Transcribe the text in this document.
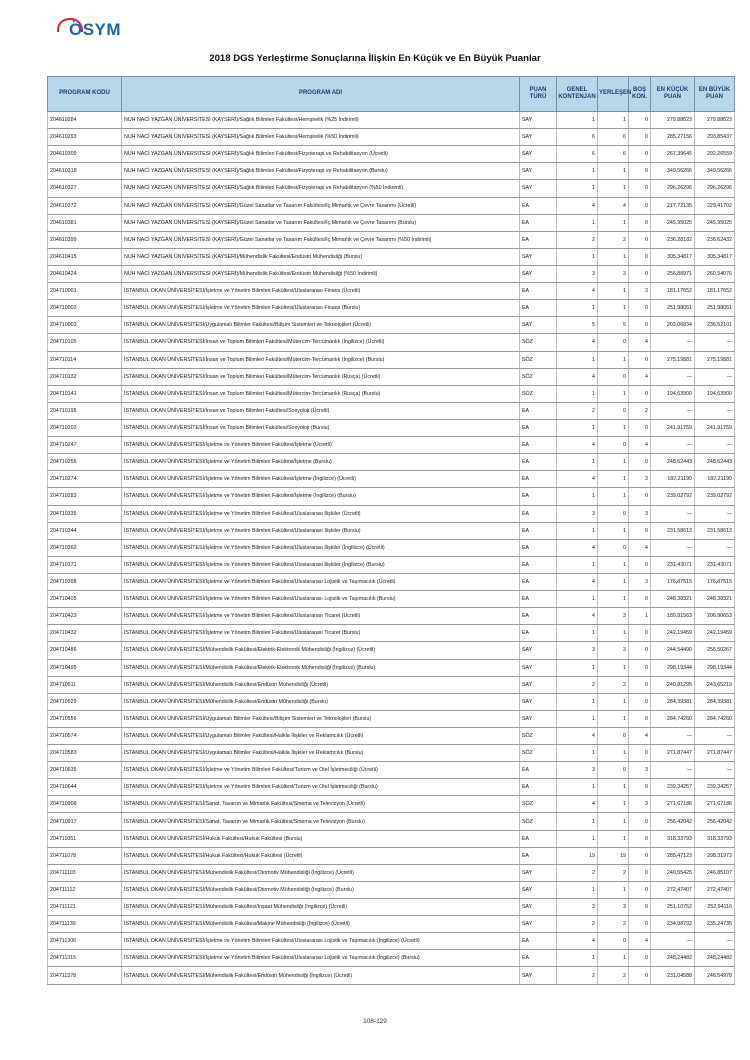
ÖSYM
2018 DGS Yerleştirme Sonuçlarına İlişkin En Küçük ve En Büyük Puanlar
PROGRAM KODU	PROGRAM ADI	PUAN TÜRÜ	GENEL KONTENJAN	YERLEŞEN	BOŞ KON.	EN KÜÇÜK PUAN	EN BÜYÜK PUAN
204610284	NUH NACİ YAZGAN ÜNİVERSİTESİ (KAYSERİ)/Sağlık Bilimleri Fakültesi/Hemşirelik (%25 İndirimli)	SAY	1	1	0	279,88623	279,88623
204610293	NUH NACİ YAZGAN ÜNİVERSİTESİ (KAYSERİ)/Sağlık Bilimleri Fakültesi/Hemşirelik (%50 İndirimli)	SAY	6	6	0	285,27156	293,85437
204610309	NUH NACİ YAZGAN ÜNİVERSİTESİ (KAYSERİ)/Sağlık Bilimleri Fakültesi/Fizyoterapi ve Rehabilitasyon (Ücretli)	SAY	6	6	0	267,39645	292,26559
204610318	NUH NACİ YAZGAN ÜNİVERSİTESİ (KAYSERİ)/Sağlık Bilimleri Fakültesi/Fizyoterapi ve Rehabilitasyon (Burslu)	SAY	1	1	0	349,56266	349,56266
204610327	NUH NACİ YAZGAN ÜNİVERSİTESİ (KAYSERİ)/Sağlık Bilimleri Fakültesi/Fizyoterapi ve Rehabilitasyon (%50 İndirimli)	SAY	1	1	0	296,26296	296,26296
204610372	NUH NACİ YAZGAN ÜNİVERSİTESİ (KAYSERİ)/Güzel Sanatlar ve Tasarım Fakültesi/İç Mimarlık ve Çevre Tasarımı (Ücretli)	EA	4	4	0	217,72135	229,41702
204610381	NUH NACİ YAZGAN ÜNİVERSİTESİ (KAYSERİ)/Güzel Sanatlar ve Tasarım Fakültesi/İç Mimarlık ve Çevre Tasarımı (Burslu)	EA	1	1	0	245,95025	245,95025
204610399	NUH NACİ YAZGAN ÜNİVERSİTESİ (KAYSERİ)/Güzel Sanatlar ve Tasarım Fakültesi/İç Mimarlık ve Çevre Tasarımı (%50 İndirimli)	EA	2	2	0	236,28182	236,62432
204610415	NUH NACİ YAZGAN ÜNİVERSİTESİ (KAYSERİ)/Mühendislik Fakültesi/Endüstri Mühendisliği (Burslu)	SAY	1	1	0	305,34817	305,34817
204610424	NUH NACİ YAZGAN ÜNİVERSİTESİ (KAYSERİ)/Mühendislik Fakültesi/Endüstri Mühendisliği (%50 İndirimli)	SAY	3	3	0	256,88971	260,54076
204710001	İSTANBUL OKAN ÜNİVERSİTESİ/İşletme ve Yönetim Bilimleri Fakültesi/Uluslararası Finans (Ücretli)	EA	4	1	3	181,17652	181,17652
204710002	İSTANBUL OKAN ÜNİVERSİTESİ/İşletme ve Yönetim Bilimleri Fakültesi/Uluslararası Finans (Burslu)	EA	1	1	0	251,98051	251,98051
204710003	İSTANBUL OKAN ÜNİVERSİTESİ/Uygulamalı Bilimler Fakültesi/Bilişim Sistemleri ve Teknolojileri (Ücretli)	SAY	5	5	0	203,06834	236,52101
204710105	İSTANBUL OKAN ÜNİVERSİTESİ/İnsan ve Toplum Bilimleri Fakültesi/Mütercim-Tercümanlık (İngilizce) (Ücretli)	SÖZ	4	0	4	—	—
204710114	İSTANBUL OKAN ÜNİVERSİTESİ/İnsan ve Toplum Bilimleri Fakültesi/Mütercim-Tercümanlık (İngilizce) (Burslu)	SÖZ	1	1	0	275,19881	275,19881
204710132	İSTANBUL OKAN ÜNİVERSİTESİ/İnsan ve Toplum Bilimleri Fakültesi/Mütercim-Tercümanlık (Rusça) (Ücretli)	SÖZ	4	0	4	—	—
204710141	İSTANBUL OKAN ÜNİVERSİTESİ/İnsan ve Toplum Bilimleri Fakültesi/Mütercim-Tercümanlık (Rusça) (Burslu)	SÖZ	1	1	0	194,63900	194,63900
204710195	İSTANBUL OKAN ÜNİVERSİTESİ/İnsan ve Toplum Bilimleri Fakültesi/Sosyoloji (Ücretli)	EA	2	0	2	—	—
204710202	İSTANBUL OKAN ÜNİVERSİTESİ/İnsan ve Toplum Bilimleri Fakültesi/Sosyoloji (Burslu)	EA	1	1	0	241,91759	241,91759
204710247	İSTANBUL OKAN ÜNİVERSİTESİ/İşletme ve Yönetim Bilimleri Fakültesi/İşletme (Ücretli)	EA	4	0	4	—	—
204710256	İSTANBUL OKAN ÜNİVERSİTESİ/İşletme ve Yönetim Bilimleri Fakültesi/İşletme (Burslu)	EA	1	1	0	248,62443	248,62443
204710274	İSTANBUL OKAN ÜNİVERSİTESİ/İşletme ve Yönetim Bilimleri Fakültesi/İşletme (İngilizce) (Ücretli)	EA	4	1	3	182,21190	182,21190
204710283	İSTANBUL OKAN ÜNİVERSİTESİ/İşletme ve Yönetim Bilimleri Fakültesi/İşletme (İngilizce) (Burslu)	EA	1	1	0	239,02792	239,02792
204710335	İSTANBUL OKAN ÜNİVERSİTESİ/İşletme ve Yönetim Bilimleri Fakültesi/Uluslararası İlişkiler (Ücretli)	EA	3	0	3	—	—
204710344	İSTANBUL OKAN ÜNİVERSİTESİ/İşletme ve Yönetim Bilimleri Fakültesi/Uluslararası İlişkiler (Burslu)	EA	1	1	0	231,58613	231,58613
204710362	İSTANBUL OKAN ÜNİVERSİTESİ/İşletme ve Yönetim Bilimleri Fakültesi/Uluslararası İlişkiler (İngilizce) (Ücretli)	EA	4	0	4	—	—
204710371	İSTANBUL OKAN ÜNİVERSİTESİ/İşletme ve Yönetim Bilimleri Fakültesi/Uluslararası İlişkiler (İngilizce) (Burslu)	EA	1	1	0	231,43071	231,43071
204710398	İSTANBUL OKAN ÜNİVERSİTESİ/İşletme ve Yönetim Bilimleri Fakültesi/Uluslararası Lojistik ve Taşımacılık (Ücretli)	EA	4	1	3	176,87515	176,87515
204710405	İSTANBUL OKAN ÜNİVERSİTESİ/İşletme ve Yönetim Bilimleri Fakültesi/Uluslararası Lojistik ve Taşımacılık (Burslu)	EA	1	1	0	248,38321	248,38321
204710423	İSTANBUL OKAN ÜNİVERSİTESİ/İşletme ve Yönetim Bilimleri Fakültesi/Uluslararası Ticaret (Ücretli)	EA	4	3	1	189,81563	206,90653
204710432	İSTANBUL OKAN ÜNİVERSİTESİ/İşletme ve Yönetim Bilimleri Fakültesi/Uluslararası Ticaret (Burslu)	EA	1	1	0	242,19459	242,19459
204710486	İSTANBUL OKAN ÜNİVERSİTESİ/Mühendislik Fakültesi/Elektrik-Elektronik Mühendisliği (İngilizce) (Ücretli)	SAY	3	3	0	244,54490	256,50267
204710495	İSTANBUL OKAN ÜNİVERSİTESİ/Mühendislik Fakültesi/Elektrik-Elektronik Mühendisliği (İngilizce) (Burslu)	SAY	1	1	0	298,19344	298,19344
204710511	İSTANBUL OKAN ÜNİVERSİTESİ/Mühendislik Fakültesi/Endüstri Mühendisliği (Ücretli)	SAY	2	2	0	240,81295	243,65219
204710529	İSTANBUL OKAN ÜNİVERSİTESİ/Mühendislik Fakültesi/Endüstri Mühendisliği (Burslu)	SAY	1	1	0	284,39381	284,39381
204710556	İSTANBUL OKAN ÜNİVERSİTESİ/Uygulamalı Bilimler Fakültesi/Bilişim Sistemleri ve Teknolojileri (Burslu)	SAY	1	1	0	284,74260	284,74260
204710574	İSTANBUL OKAN ÜNİVERSİTESİ/Uygulamalı Bilimler Fakültesi/Halkla İlişkiler ve Reklamcılık (Ücretli)	SÖZ	4	0	4	—	—
204710583	İSTANBUL OKAN ÜNİVERSİTESİ/Uygulamalı Bilimler Fakültesi/Halkla İlişkiler ve Reklamcılık (Burslu)	SÖZ	1	1	0	271,87447	271,87447
204710635	İSTANBUL OKAN ÜNİVERSİTESİ/İşletme ve Yönetim Bilimleri Fakültesi/Turizm ve Otel İşletmeciliği (Ücretli)	EA	3	0	3	—	—
204710644	İSTANBUL OKAN ÜNİVERSİTESİ/İşletme ve Yönetim Bilimleri Fakültesi/Turizm ve Otel İşletmeciliği (Burslu)	EA	1	1	0	239,34257	239,34257
204710908	İSTANBUL OKAN ÜNİVERSİTESİ/Sanat, Tasarım ve Mimarlık Fakültesi/Sinema ve Televizyon (Ücretli)	SÖZ	4	1	3	271,67186	271,67186
204710917	İSTANBUL OKAN ÜNİVERSİTESİ/Sanat, Tasarım ve Mimarlık Fakültesi/Sinema ve Televizyon (Burslu)	SÖZ	1	1	0	256,42042	256,42042
204711051	İSTANBUL OKAN ÜNİVERSİTESİ/Hukuk Fakültesi/Hukuk Fakültesi (Burslu)	EA	1	1	0	318,33793	318,33793
204711078	İSTANBUL OKAN ÜNİVERSİTESİ/Hukuk Fakültesi/Hukuk Fakültesi (Ücretli)	EA	19	19	0	285,47123	298,31973
204711103	İSTANBUL OKAN ÜNİVERSİTESİ/Mühendislik Fakültesi/Otomotiv Mühendisliği (İngilizce) (Ücretli)	SAY	2	2	0	240,55425	246,85107
204711112	İSTANBUL OKAN ÜNİVERSİTESİ/Mühendislik Fakültesi/Otomotiv Mühendisliği (İngilizce) (Burslu)	SAY	1	1	0	272,47407	272,47407
204711121	İSTANBUL OKAN ÜNİVERSİTESİ/Mühendislik Fakültesi/İnşaat Mühendisliği (İngilizce) (Ücretli)	SAY	3	3	0	251,10752	252,94116
204711139	İSTANBUL OKAN ÜNİVERSİTESİ/Mühendislik Fakültesi/Makine Mühendisliği (İngilizce) (Ücretli)	SAY	2	2	0	234,98792	235,24735
204711306	İSTANBUL OKAN ÜNİVERSİTESİ/İşletme ve Yönetim Bilimleri Fakültesi/Uluslararası Lojistik ve Taşımacılık (İngilizce) (Ücretli)	EA	4	0	4	—	—
204711315	İSTANBUL OKAN ÜNİVERSİTESİ/İşletme ve Yönetim Bilimleri Fakültesi/Uluslararası Lojistik ve Taşımacılık (İngilizce) (Burslu)	EA	1	1	0	248,24482	248,24482
204711378	İSTANBUL OKAN ÜNİVERSİTESİ/Mühendislik Fakültesi/Endüstri Mühendisliği (İngilizce) (Ücretli)	SAY	2	2	0	231,04588	246,54978
108-129
